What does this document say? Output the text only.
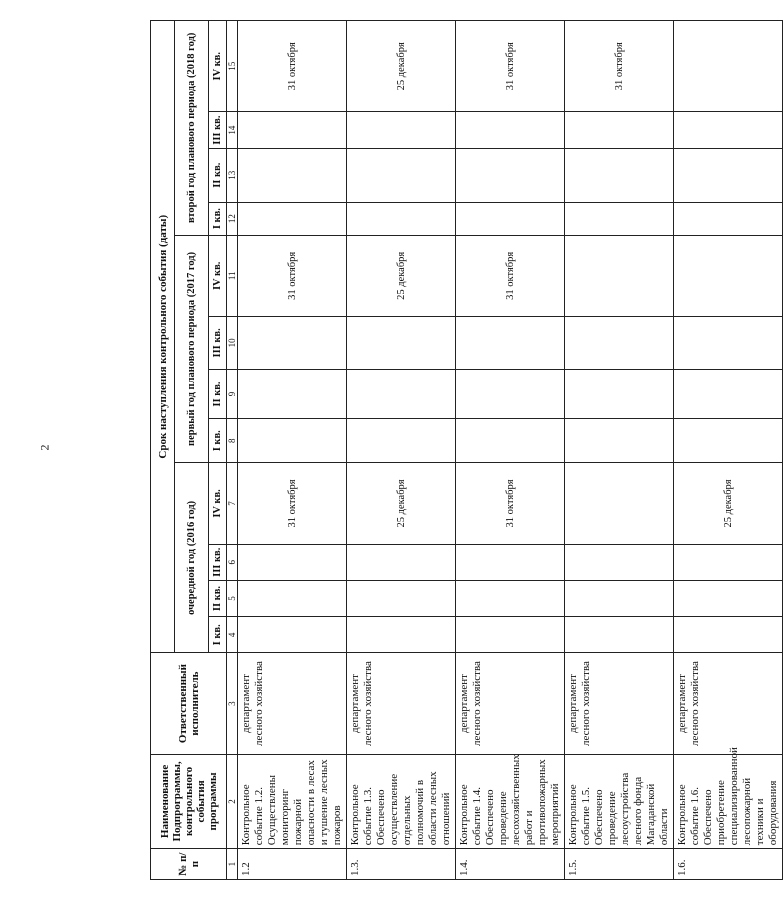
2
№ п/п	Наименование Подпрограммы, контрольного события программы	Ответственный исполнитель	Срок наступления контрольного события (даты)											
			очередной год (2016 год)				первый год планового периода (2017 год)				второй год планового периода (2018 год)			
			I кв.	II кв.	III кв.	IV кв.	I кв.	II кв.	III кв.	IV кв.	I кв.	II кв.	III кв.	IV кв.
1	2	3	4	5	6	7	8	9	10	11	12	13	14	15
1.2	Контрольное событие 1.2. Осуществлены мониторинг пожарной опасности в лесах и тушение лесных пожаров	департамент лесного хозяйства				31 октября				31 октября				31 октября
1.3.	Контрольное событие 1.3. Обеспечено осуществление отдельных полномочий в области лесных отношений	департамент лесного хозяйства				25 декабря				25 декабря				25 декабря
1.4.	Контрольное событие 1.4. Обеспечено проведение лесохозяйственных работ и противопожарных мероприятий	департамент лесного хозяйства				31 октября				31 октября				31 октября
1.5.	Контрольное событие 1.5. Обеспечено проведение лесоустройства лесного фонда Магаданской области	департамент лесного хозяйства												31 октября
1.6.	Контрольное событие 1.6. Обеспечено приобретение специализированной лесопожарной техники и оборудования	департамент лесного хозяйства				25 декабря								
